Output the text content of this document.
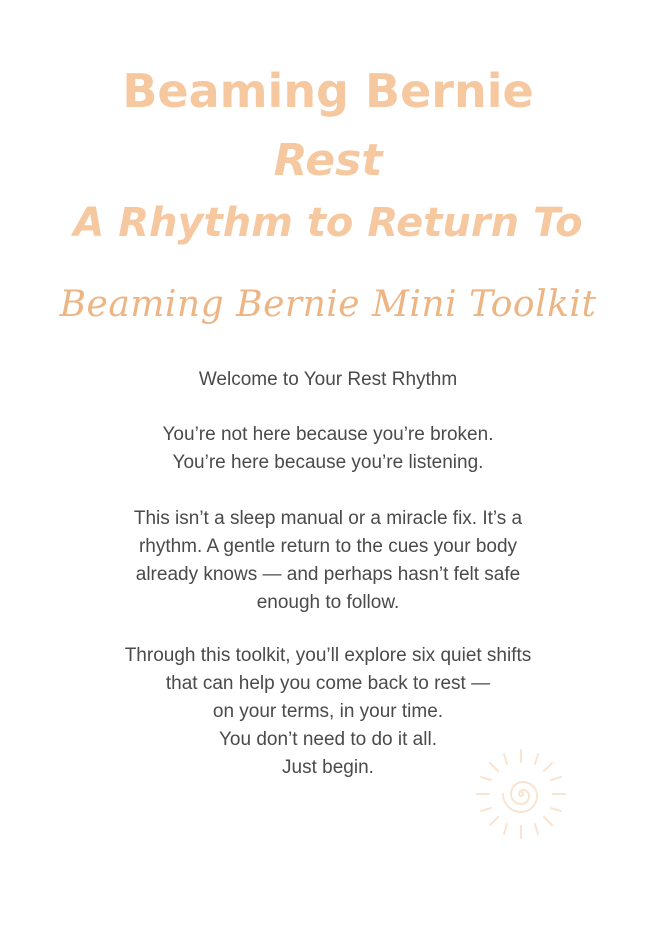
Beaming Bernie
Rest
A Rhythm to Return To
Beaming Bernie Mini Toolkit
Welcome to Your Rest Rhythm
You’re not here because you’re broken.
You’re here because you’re listening.
This isn’t a sleep manual or a miracle fix. It’s a
rhythm. A gentle return to the cues your body
already knows — and perhaps hasn’t felt safe
enough to follow.
Through this toolkit, you’ll explore six quiet shifts
that can help you come back to rest —
on your terms, in your time.
You don’t need to do it all.
Just begin.
